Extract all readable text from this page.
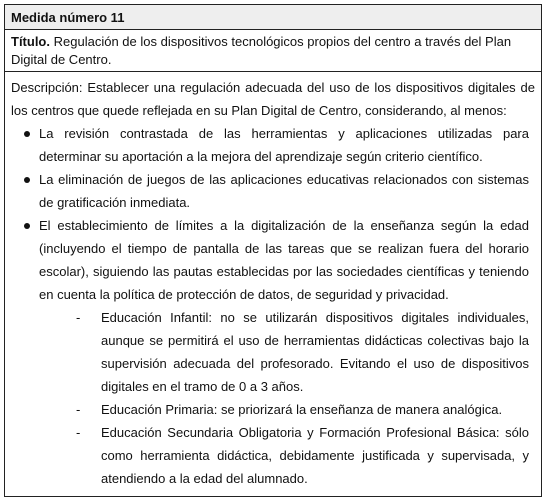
Medida número 11
Título. Regulación de los dispositivos tecnológicos propios del centro a través del Plan Digital de Centro.

Descripción: Establecer una regulación adecuada del uso de los dispositivos digitales de los centros que quede reflejada en su Plan Digital de Centro, considerando, al menos:

La revisión contrastada de las herramientas y aplicaciones utilizadas para determinar su aportación a la mejora del aprendizaje según criterio científico.
La eliminación de juegos de las aplicaciones educativas relacionados con sistemas de gratificación inmediata.
El establecimiento de límites a la digitalización de la enseñanza según la edad (incluyendo el tiempo de pantalla de las tareas que se realizan fuera del horario escolar), siguiendo las pautas establecidas por las sociedades científicas y teniendo en cuenta la política de protección de datos, de seguridad y privacidad.
- Educación Infantil: no se utilizarán dispositivos digitales individuales, aunque se permitirá el uso de herramientas didácticas colectivas bajo la supervisión adecuada del profesorado. Evitando el uso de dispositivos digitales en el tramo de 0 a 3 años.
- Educación Primaria: se priorizará la enseñanza de manera analógica.
- Educación Secundaria Obligatoria y Formación Profesional Básica: sólo como herramienta didáctica, debidamente justificada y supervisada, y atendiendo a la edad del alumnado.
